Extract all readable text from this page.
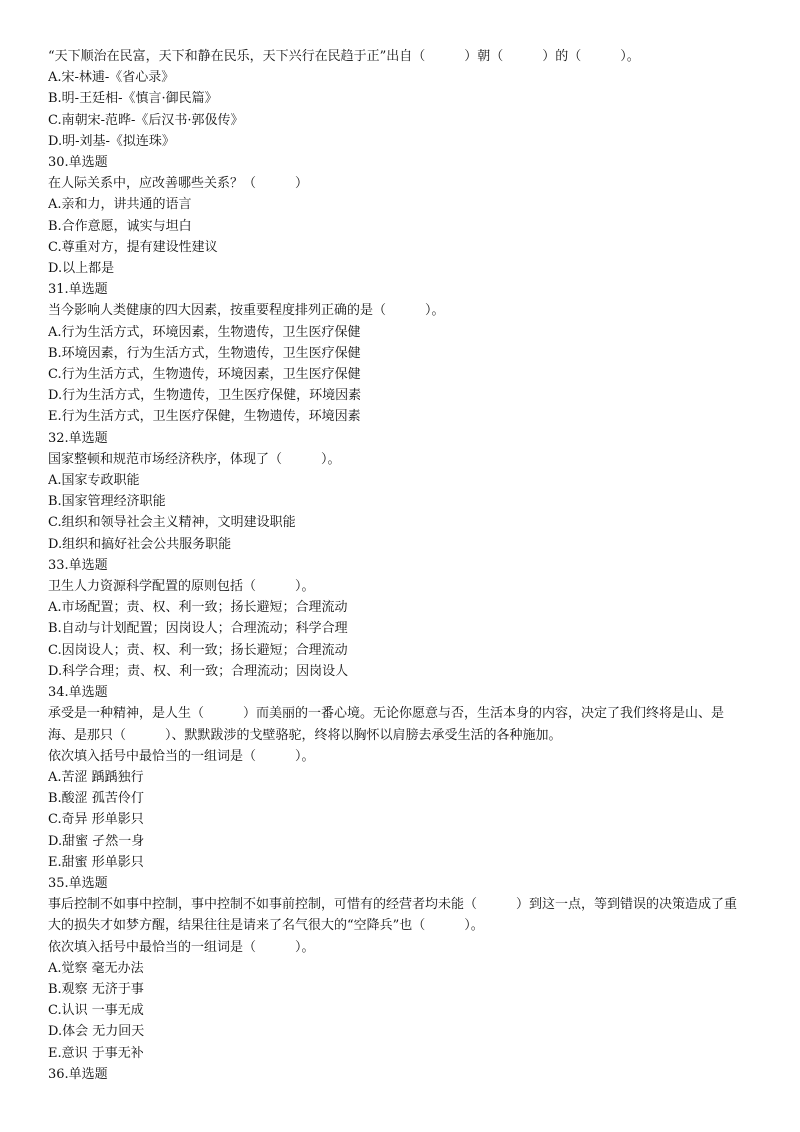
“天下顺治在民富，天下和静在民乐，天下兴行在民趋于正”出自（　　　）朝（　　　）的（　　　）。
A.宋-林逋-《省心录》
B.明-王廷相-《慎言·御民篇》
C.南朝宋-范晔-《后汉书·郭伋传》
D.明-刘基-《拟连珠》
30.单选题
在人际关系中，应改善哪些关系？（　　　）
A.亲和力，讲共通的语言
B.合作意愿，诚实与坦白
C.尊重对方，提有建设性建议
D.以上都是
31.单选题
当今影响人类健康的四大因素，按重要程度排列正确的是（　　　）。
A.行为生活方式，环境因素，生物遗传，卫生医疗保健
B.环境因素，行为生活方式，生物遗传，卫生医疗保健
C.行为生活方式，生物遗传，环境因素，卫生医疗保健
D.行为生活方式，生物遗传，卫生医疗保健，环境因素
E.行为生活方式，卫生医疗保健，生物遗传，环境因素
32.单选题
国家整顿和规范市场经济秩序，体现了（　　　）。
A.国家专政职能
B.国家管理经济职能
C.组织和领导社会主义精神，文明建设职能
D.组织和搞好社会公共服务职能
33.单选题
卫生人力资源科学配置的原则包括（　　　）。
A.市场配置；责、权、利一致；扬长避短；合理流动
B.自动与计划配置；因岗设人；合理流动；科学合理
C.因岗设人；责、权、利一致；扬长避短；合理流动
D.科学合理；责、权、利一致；合理流动；因岗设人
34.单选题
承受是一种精神，是人生（　　　）而美丽的一番心境。无论你愿意与否，生活本身的内容，决定了我们终将是山、是海、是那只（　　　）、默默跋涉的戈壁骆驼，终将以胸怀以肩膀去承受生活的各种施加。
依次填入括号中最恰当的一组词是（　　　）。
A.苦涩 踽踽独行
B.酸涩 孤苦伶仃
C.奇异 形单影只
D.甜蜜 孑然一身
E.甜蜜 形单影只
35.单选题
事后控制不如事中控制，事中控制不如事前控制，可惜有的经营者均未能（　　　）到这一点，等到错误的决策造成了重大的损失才如梦方醒，结果往往是请来了名气很大的“空降兵”也（　　　）。
依次填入括号中最恰当的一组词是（　　　）。
A.觉察 毫无办法
B.观察 无济于事
C.认识 一事无成
D.体会 无力回天
E.意识 于事无补
36.单选题
